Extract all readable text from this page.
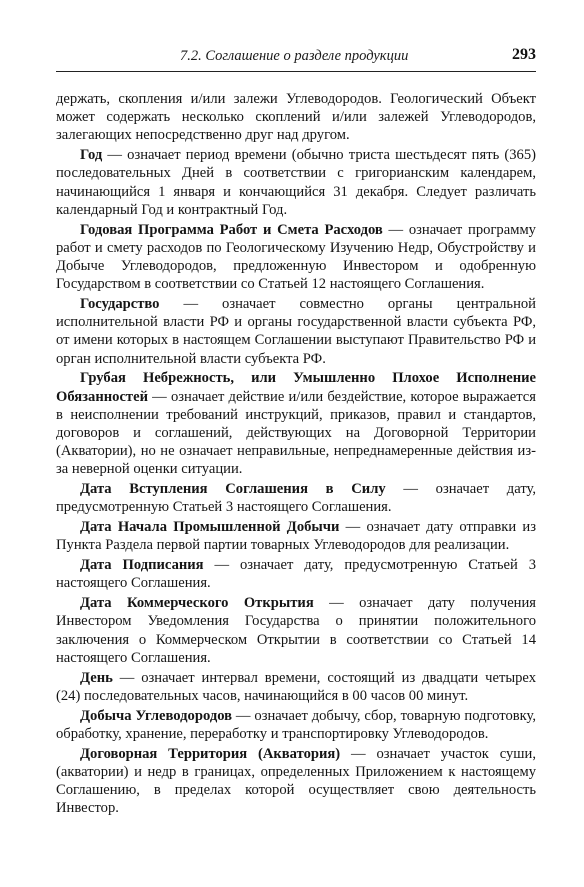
7.2. Соглашение о разделе продукции	293

держать, скопления и/или залежи Углеводородов. Геологический Объект может содержать несколько скоплений и/или залежей Углеводородов, залегающих непосредственно друг над другом.

Год — означает период времени (обычно триста шестьдесят пять (365) последовательных Дней в соответствии с григорианским календарем, начинающийся 1 января и кончающийся 31 декабря. Следует различать календарный Год и контрактный Год.

Годовая Программа Работ и Смета Расходов — означает программу работ и смету расходов по Геологическому Изучению Недр, Обустройству и Добыче Углеводородов, предложенную Инвестором и одобренную Государством в соответствии со Статьей 12 настоящего Соглашения.

Государство — означает совместно органы центральной исполнительной власти РФ и органы государственной власти субъекта РФ, от имени которых в настоящем Соглашении выступают Правительство РФ и орган исполнительной власти субъекта РФ.

Грубая Небрежность, или Умышленно Плохое Исполнение Обязанностей — означает действие и/или бездействие, которое выражается в неисполнении требований инструкций, приказов, правил и стандартов, договоров и соглашений, действующих на Договорной Территории (Акватории), но не означает неправильные, непреднамеренные действия из-за неверной оценки ситуации.

Дата Вступления Соглашения в Силу — означает дату, предусмотренную Статьей 3 настоящего Соглашения.

Дата Начала Промышленной Добычи — означает дату отправки из Пункта Раздела первой партии товарных Углеводородов для реализации.

Дата Подписания — означает дату, предусмотренную Статьей 3 настоящего Соглашения.

Дата Коммерческого Открытия — означает дату получения Инвестором Уведомления Государства о принятии положительного заключения о Коммерческом Открытии в соответствии со Статьей 14 настоящего Соглашения.

День — означает интервал времени, состоящий из двадцати четырех (24) последовательных часов, начинающийся в 00 часов 00 минут.

Добыча Углеводородов — означает добычу, сбор, товарную подготовку, обработку, хранение, переработку и транспортировку Углеводородов.

Договорная Территория (Акватория) — означает участок суши, (акватории) и недр в границах, определенных Приложением к настоящему Соглашению, в пределах которой осуществляет свою деятельность Инвестор.
